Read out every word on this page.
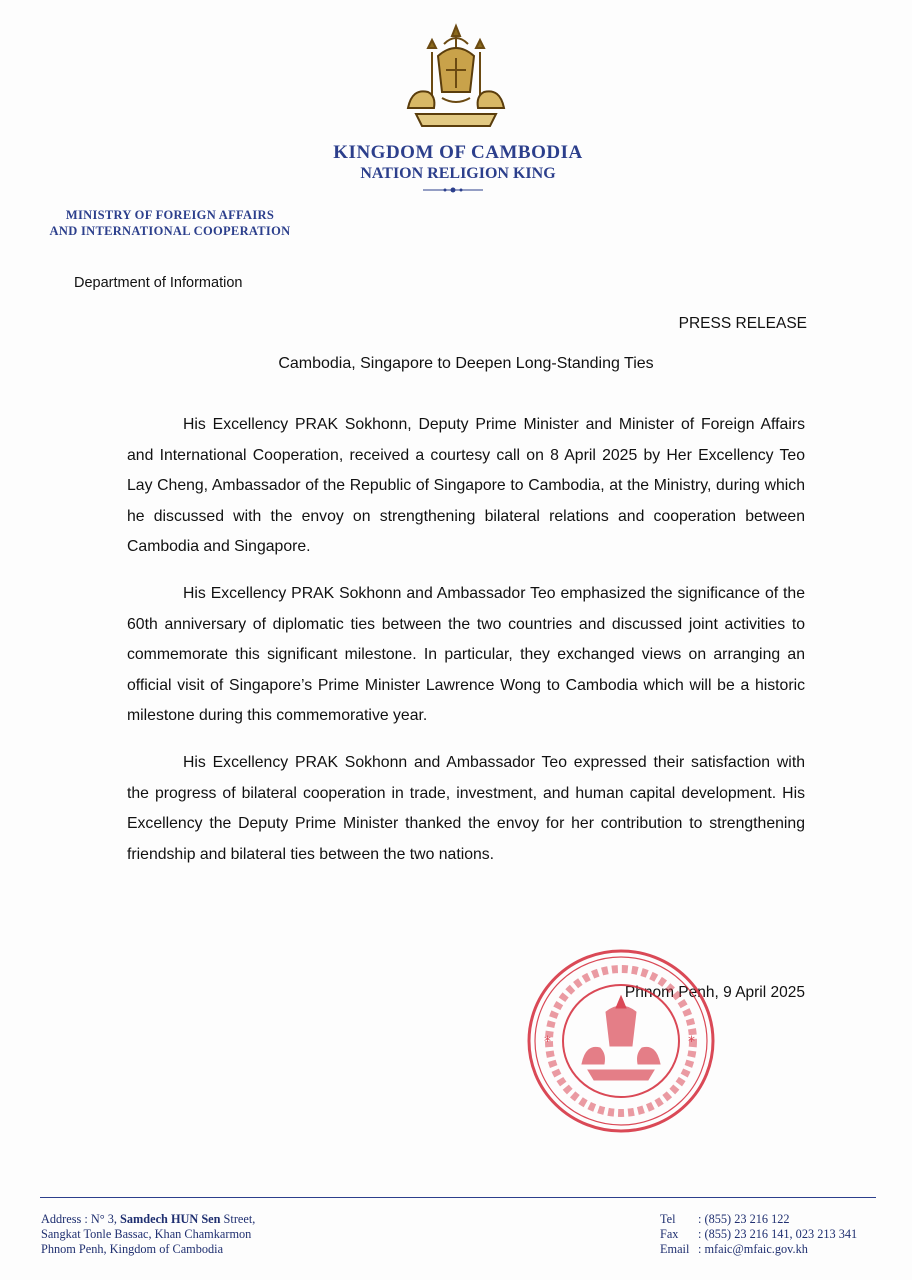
KINGDOM OF CAMBODIA
NATION RELIGION KING
MINISTRY OF FOREIGN AFFAIRS
AND INTERNATIONAL COOPERATION
Department of Information
PRESS RELEASE
Cambodia, Singapore to Deepen Long-Standing Ties

His Excellency PRAK Sokhonn, Deputy Prime Minister and Minister of Foreign Affairs and International Cooperation, received a courtesy call on 8 April 2025 by Her Excellency Teo Lay Cheng, Ambassador of the Republic of Singapore to Cambodia, at the Ministry, during which he discussed with the envoy on strengthening bilateral relations and cooperation between Cambodia and Singapore.

His Excellency PRAK Sokhonn and Ambassador Teo emphasized the significance of the 60th anniversary of diplomatic ties between the two countries and discussed joint activities to commemorate this significant milestone. In particular, they exchanged views on arranging an official visit of Singapore’s Prime Minister Lawrence Wong to Cambodia which will be a historic milestone during this commemorative year.

His Excellency PRAK Sokhonn and Ambassador Teo expressed their satisfaction with the progress of bilateral cooperation in trade, investment, and human capital development. His Excellency the Deputy Prime Minister thanked the envoy for her contribution to strengthening friendship and bilateral ties between the two nations.

Phnom Penh, 9 April 2025
*	*
Address : N° 3, Samdech HUN Sen Street,
Sangkat Tonle Bassac, Khan Chamkarmon
Phnom Penh, Kingdom of Cambodia
Tel	: (855) 23 216 122
Fax	: (855) 23 216 141, 023 213 341
Email : mfaic@mfaic.gov.kh
